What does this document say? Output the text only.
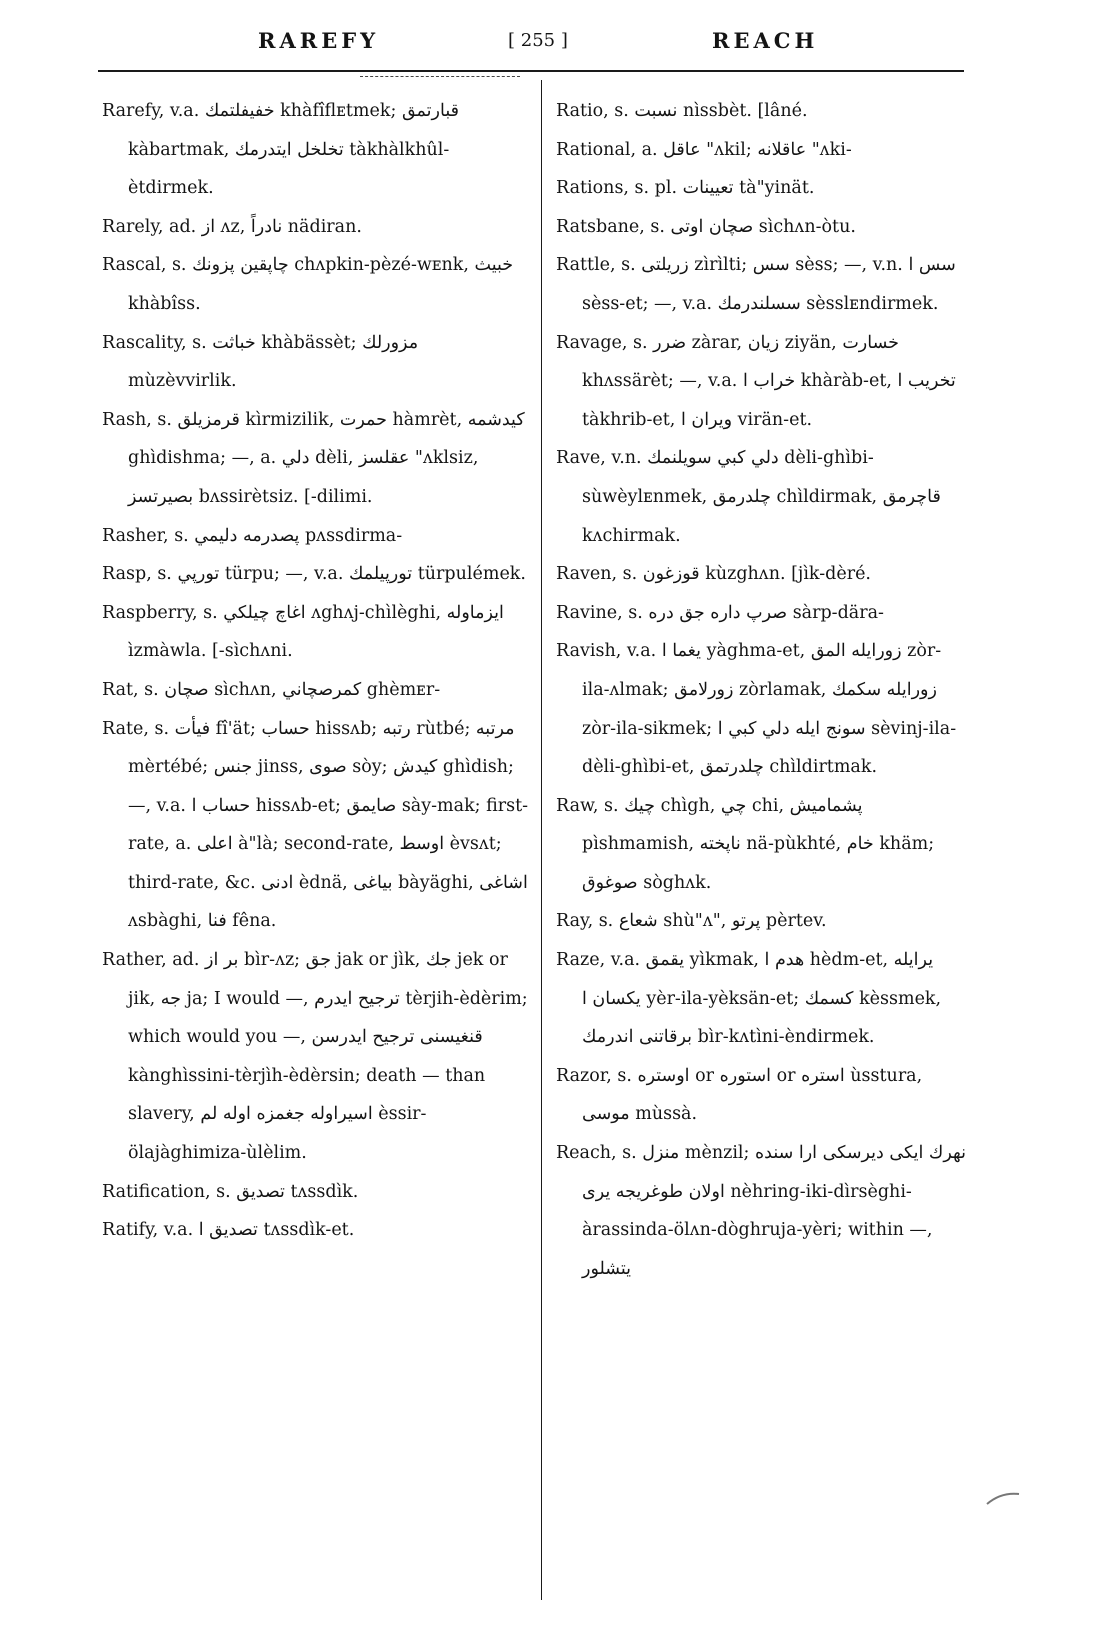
RAREFY	[ 255 ]	REACH

Rarefy, v.a. خفيفلتمك khàfîflᴇtmek; قبارتمق kàbartmak, تخلخل ايتدرمك tàkhàlkhûl-ètdirmek.

Rarely, ad. از ʌz, نادراً nädiran.

Rascal, s. چاپقين پزونك chʌpkin-pèzé-wᴇnk, خبيث khàbîss.

Rascality, s. خباثت khàbässèt; مزورلك mùzèvvirlik.

Rash, s. قرمزيلق kìrmizilik, حمرت hàmrèt, كيدشمه ghìdishma; —, a. دلي dèli, عقلسز "ʌklsiz, بصيرتسز bʌssirètsiz. [-dilimi.

Rasher, s. پصدرمه دليمي pʌssdirma-

Rasp, s. تورپي türpu; —, v.a. تورپيلمك türpulémek.

Raspberry, s. اغاچ چيلكي ʌghʌj-chìlèghi, ايزماوله ìzmàwla. [-sìchʌni.

Rat, s. صچان sìchʌn, كمرصچاني ghèmᴇr-

Rate, s. فيأت fî'ät; حساب hissʌb; رتبه rùtbé; مرتبه mèrtébé; جنس jinss, صوى sòy; كيدش ghìdish; —, v.a. حساب ا hissʌb-et; صايمق sày-mak; first-rate, a. اعلى à"là; second-rate, اوسط èvsʌt; third-rate, &c. ادنى èdnä, بياغى bàyäghi, اشاغى ʌsbàghi, فنا fêna.

Rather, ad. بر از bìr-ʌz; جق jak or jìk, جك jek or jik, جه ja; I would —, ترجيح ايدرم tèrjih-èdèrim; which would you —, قنغيسنى ترجيح ايدرسن kànghìssini-tèrjìh-èdèrsin; death — than slavery, اسيراوله جغمزه اوله لم èssir-ölajàghimiza-ùlèlim.

Ratification, s. تصديق tʌssdìk.

Ratify, v.a. تصديق ا tʌssdìk-et.

Ratio, s. نسبت nìssbèt. [lâné.

Rational, a. عاقل "ʌkil; عاقلانه "ʌki-

Rations, s. pl. تعيينات tà"yinät.

Ratsbane, s. صچان اوتى sìchʌn-òtu.

Rattle, s. زريلتى zìrìlti; سس sèss; —, v.n. سس ا sèss-et; —, v.a. سسلندرمك sèsslᴇndirmek.

Ravage, s. ضرر zàrar, زيان ziyän, خسارت khʌssärèt; —, v.a. خراب ا khàràb-et, تخريب ا tàkhrib-et, ويران ا virän-et.

Rave, v.n. دلي كبي سويلنمك dèli-ghìbi-sùwèylᴇnmek, چلدرمق chìldirmak, قاچرمق kʌchirmak.

Raven, s. قوزغون kùzghʌn. [jìk-dèré.

Ravine, s. صرپ داره جق دره sàrp-dära-

Ravish, v.a. يغما ا yàghma-et, زورايله المق zòr-ila-ʌlmak; زورلامق zòrlamak, زورايله سكمك zòr-ila-sikmek; سونج ايله دلي كبي ا sèvinj-ila-dèli-ghìbi-et, چلدرتمق chìldirtmak.

Raw, s. چيك chìgh, چي chi, پشماميش pìshmamish, ناپخته nä-pùkhté, خام khäm; صوغوق sòghʌk.

Ray, s. شعاع shù"ʌ", پرتو pèrtev.

Raze, v.a. يقمق yìkmak, هدم ا hèdm-et, يرايله يكسان ا yèr-ila-yèksän-et; كسمك kèssmek, برقاتنى اندرمك bìr-kʌtìni-èndirmek.

Razor, s. اوستره or استوره or استره ùsstura, موسى mùssà.

Reach, s. منزل mènzil; نهرك ايكى ديرسكى ارا سنده اولان طوغريجه يرى nèhring-iki-dìrsèghi-àrassinda-ölʌn-dòghruja-yèri; within —, يتشلور
